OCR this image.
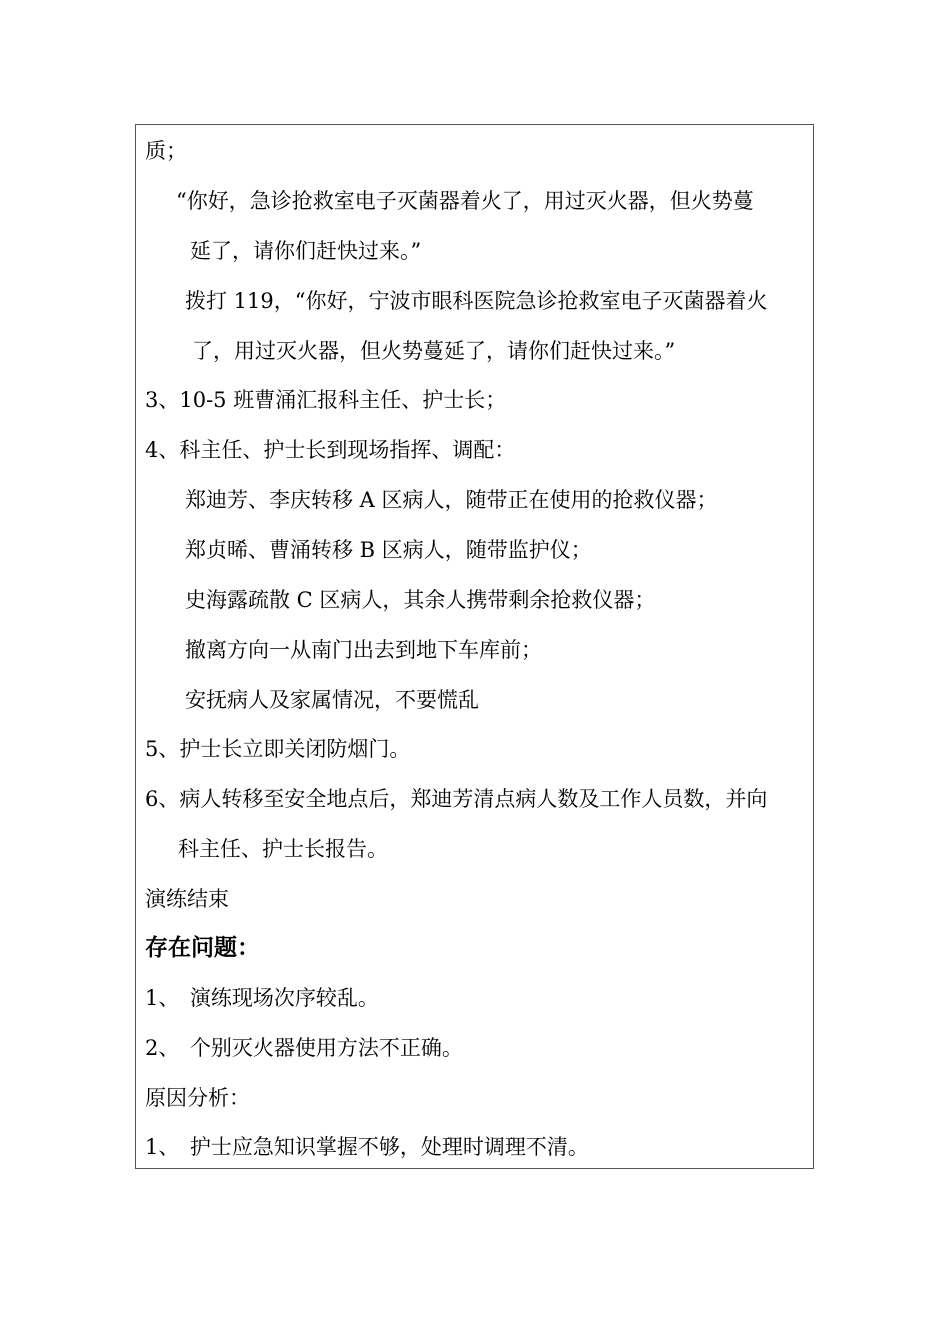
质；
“你好，急诊抢救室电子灭菌器着火了，用过灭火器，但火势蔓
延了，请你们赶快过来。”
拨打 119，“你好，宁波市眼科医院急诊抢救室电子灭菌器着火
了，用过灭火器，但火势蔓延了，请你们赶快过来。”
3、10-5 班曹涌汇报科主任、护士长；
4、科主任、护士长到现场指挥、调配：
郑迪芳、李庆转移 A 区病人，随带正在使用的抢救仪器；
郑贞晞、曹涌转移 B 区病人，随带监护仪；
史海露疏散 C 区病人，其余人携带剩余抢救仪器；
撤离方向一从南门出去到地下车库前；
安抚病人及家属情况，不要慌乱
5、护士长立即关闭防烟门。
6、病人转移至安全地点后，郑迪芳清点病人数及工作人员数，并向
科主任、护士长报告。
演练结束
存在问题：
1、　演练现场次序较乱。
2、　个别灭火器使用方法不正确。
原因分析：
1、　护士应急知识掌握不够，处理时调理不清。
